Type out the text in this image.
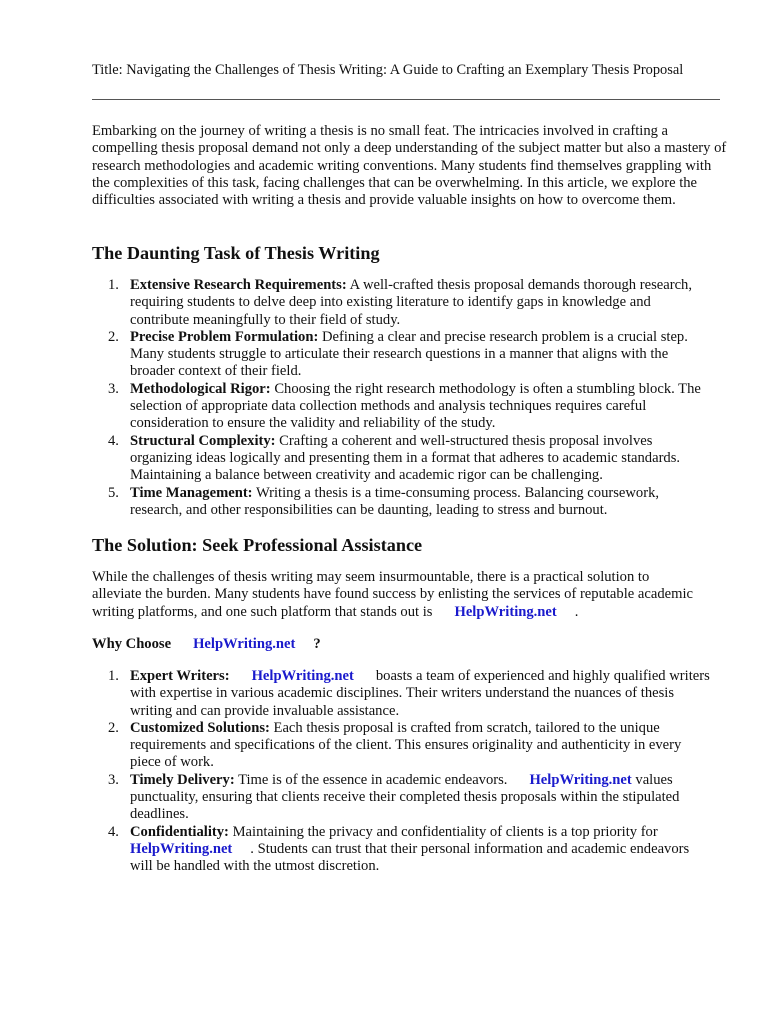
Title: Navigating the Challenges of Thesis Writing: A Guide to Crafting an Exemplary Thesis Proposal

Embarking on the journey of writing a thesis is no small feat. The intricacies involved in crafting a compelling thesis proposal demand not only a deep understanding of the subject matter but also a mastery of research methodologies and academic writing conventions. Many students find themselves grappling with the complexities of this task, facing challenges that can be overwhelming. In this article, we explore the difficulties associated with writing a thesis and provide valuable insights on how to overcome them.

The Daunting Task of Thesis Writing
1. Extensive Research Requirements: A well-crafted thesis proposal demands thorough research, requiring students to delve deep into existing literature to identify gaps in knowledge and contribute meaningfully to their field of study.
2. Precise Problem Formulation: Defining a clear and precise research problem is a crucial step. Many students struggle to articulate their research questions in a manner that aligns with the broader context of their field.
3. Methodological Rigor: Choosing the right research methodology is often a stumbling block. The selection of appropriate data collection methods and analysis techniques requires careful consideration to ensure the validity and reliability of the study.
4. Structural Complexity: Crafting a coherent and well-structured thesis proposal involves organizing ideas logically and presenting them in a format that adheres to academic standards. Maintaining a balance between creativity and academic rigor can be challenging.
5. Time Management: Writing a thesis is a time-consuming process. Balancing coursework, research, and other responsibilities can be daunting, leading to stress and burnout.
The Solution: Seek Professional Assistance

While the challenges of thesis writing may seem insurmountable, there is a practical solution to alleviate the burden. Many students have found success by enlisting the services of reputable academic writing platforms, and one such platform that stands out is HelpWriting.net .

Why Choose HelpWriting.net ?

1. Expert Writers: HelpWriting.net boasts a team of experienced and highly qualified writers with expertise in various academic disciplines. Their writers understand the nuances of thesis writing and can provide invaluable assistance.
2. Customized Solutions: Each thesis proposal is crafted from scratch, tailored to the unique requirements and specifications of the client. This ensures originality and authenticity in every piece of work.
3. Timely Delivery: Time is of the essence in academic endeavors. HelpWriting.net values punctuality, ensuring that clients receive their completed thesis proposals within the stipulated deadlines.
4. Confidentiality: Maintaining the privacy and confidentiality of clients is a top priority for HelpWriting.net . Students can trust that their personal information and academic endeavors will be handled with the utmost discretion.
